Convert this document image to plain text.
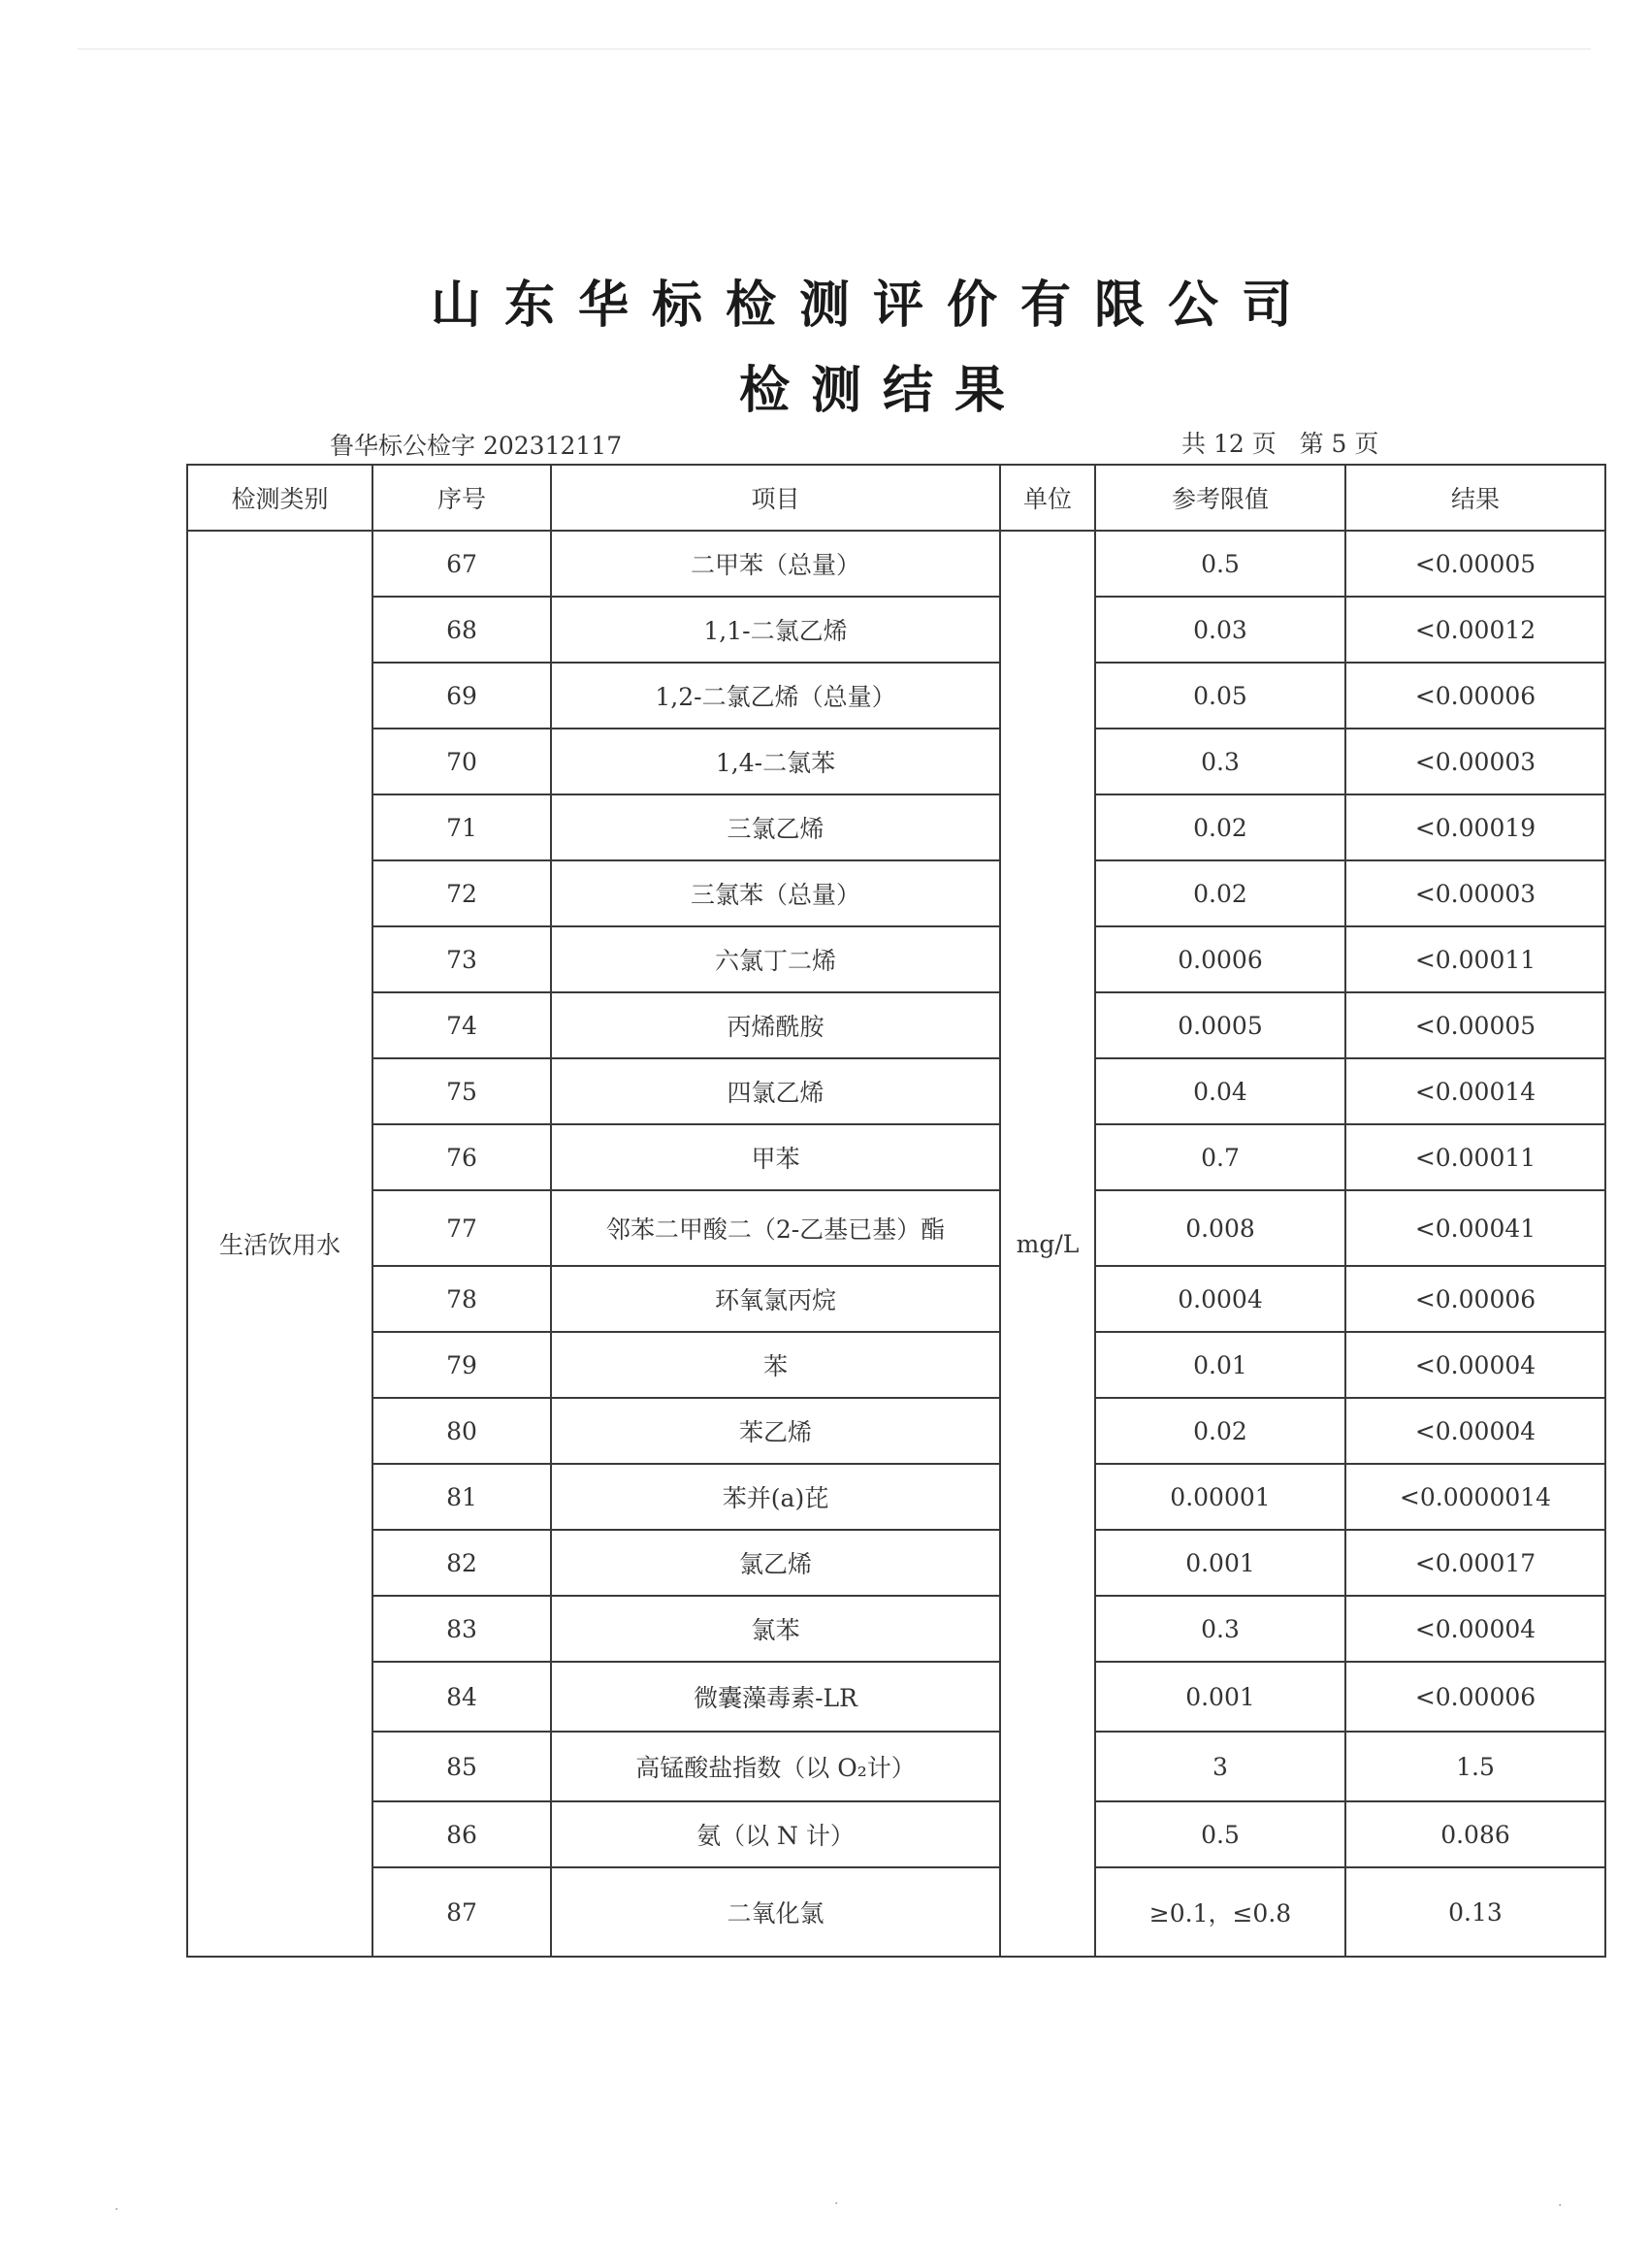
山东华标检测评价有限公司
检测结果
鲁华标公检字 202312117	共 12 页 第 5 页
检测类别	序号	项目	单位	参考限值	结果
生活饮用水	67	二甲苯（总量）	mg/L	0.5	<0.00005
	68	1,1-二氯乙烯		0.03	<0.00012
	69	1,2-二氯乙烯（总量）		0.05	<0.00006
	70	1,4-二氯苯		0.3	<0.00003
	71	三氯乙烯		0.02	<0.00019
	72	三氯苯（总量）		0.02	<0.00003
	73	六氯丁二烯		0.0006	<0.00011
	74	丙烯酰胺		0.0005	<0.00005
	75	四氯乙烯		0.04	<0.00014
	76	甲苯		0.7	<0.00011
	77	邻苯二甲酸二（2-乙基已基）酯		0.008	<0.00041
	78	环氧氯丙烷		0.0004	<0.00006
	79	苯		0.01	<0.00004
	80	苯乙烯		0.02	<0.00004
	81	苯并(a)芘		0.00001	<0.0000014
	82	氯乙烯		0.001	<0.00017
	83	氯苯		0.3	<0.00004
	84	微囊藻毒素-LR		0.001	<0.00006
	85	高锰酸盐指数（以 O₂计）		3	1.5
	86	氨（以 N 计）		0.5	0.086
	87	二氧化氯		≥0.1，≤0.8	0.13
·	·	·
